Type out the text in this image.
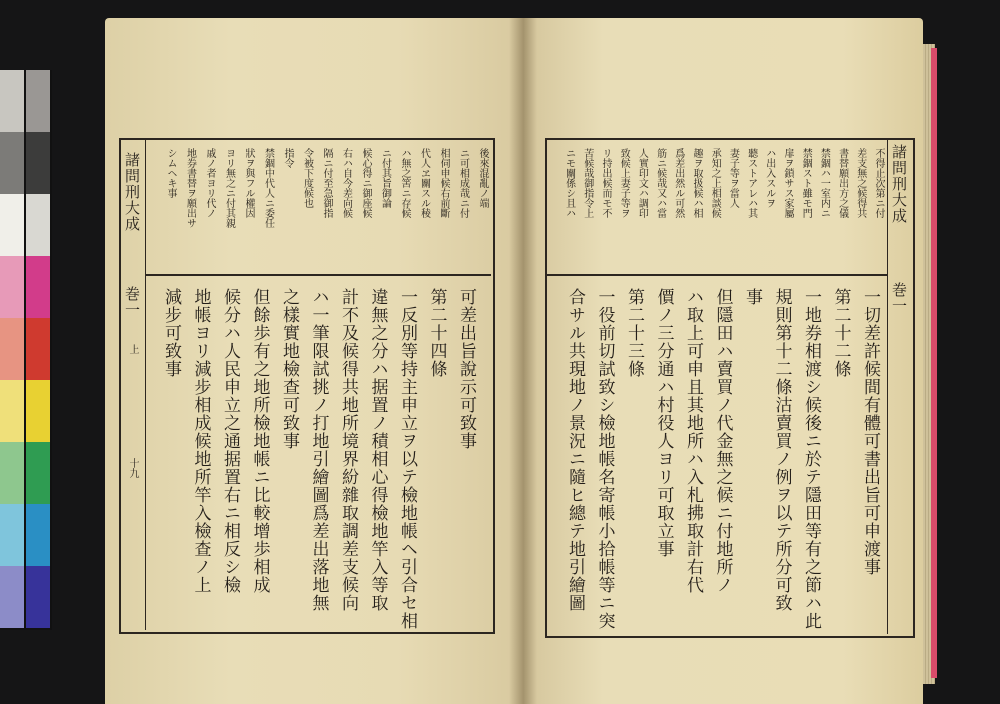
諸問刑大成
巻一
上
十九
後來混亂ノ端
ニ可相成哉ニ付
相伺申候右前斷
代人ヱ關スル稜
ハ無之筈ニ存候
ニ付其旨御論
候心得ニ御座候
右ハ自今差向候
隔ニ付至急御指
令被下度候也
指令
禁錮中代人ニ委任
狀ヲ與フル權因
ヨリ無之ニ付其親
戚ノ者ヨリ代ノ
地券書替ヲ願出サ
シムヘキ事
可差出旨說示可致事
第二十四條
一反別等持主申立ヲ以テ檢地帳ヘ引合セ相
違無之分ハ据置ノ積相心得檢地竿入等取
計不及候得共地所境界紛雜取調差支候向
ハ一筆限試挑ノ打地引繪圖爲差出落地無
之樣實地檢查可致事
但餘歩有之地所檢地帳ニ比較增歩相成
候分ハ人民申立之通据置右ニ相反シ檢
地帳ヨリ減步相成候地所竿入檢查ノ上
減步可致事
諸問刑大成
巻一
不得止次第ニ付
差支無之候得共
書替願出方之儀
禁錮ハ一室内ニ
禁錮スト雖モ門
扉ヲ鎖サス家屬
ハ出入スルヲ
聽ストアレハ其
妻子等ヲ當人
承知之上相談候
趣ヲ取扱候ハ相
爲差出然ル可然
筋ニ候哉又ハ當
人實印文ハ調印
致候上妻子等ヲ
リ持出候而モ不
苦候哉御指令上
ニモ關係シ且ハ
一切差許候間有體可書出旨可申渡事
第二十二條
一地券相渡シ候後ニ於テ隱田等有之節ハ此
規則第十二條沽賣買ノ例ヲ以テ所分可致
事
但隱田ハ賣買ノ代金無之候ニ付地所ノ
ハ取上可申且其地所ハ入札拂取計右代
價ノ三分通ハ村役人ヨリ可取立事
第二十三條
一役前切試致シ檢地帳名寄帳小拾帳等ニ突
合サル共現地ノ景況ニ隨ヒ總テ地引繪圖
